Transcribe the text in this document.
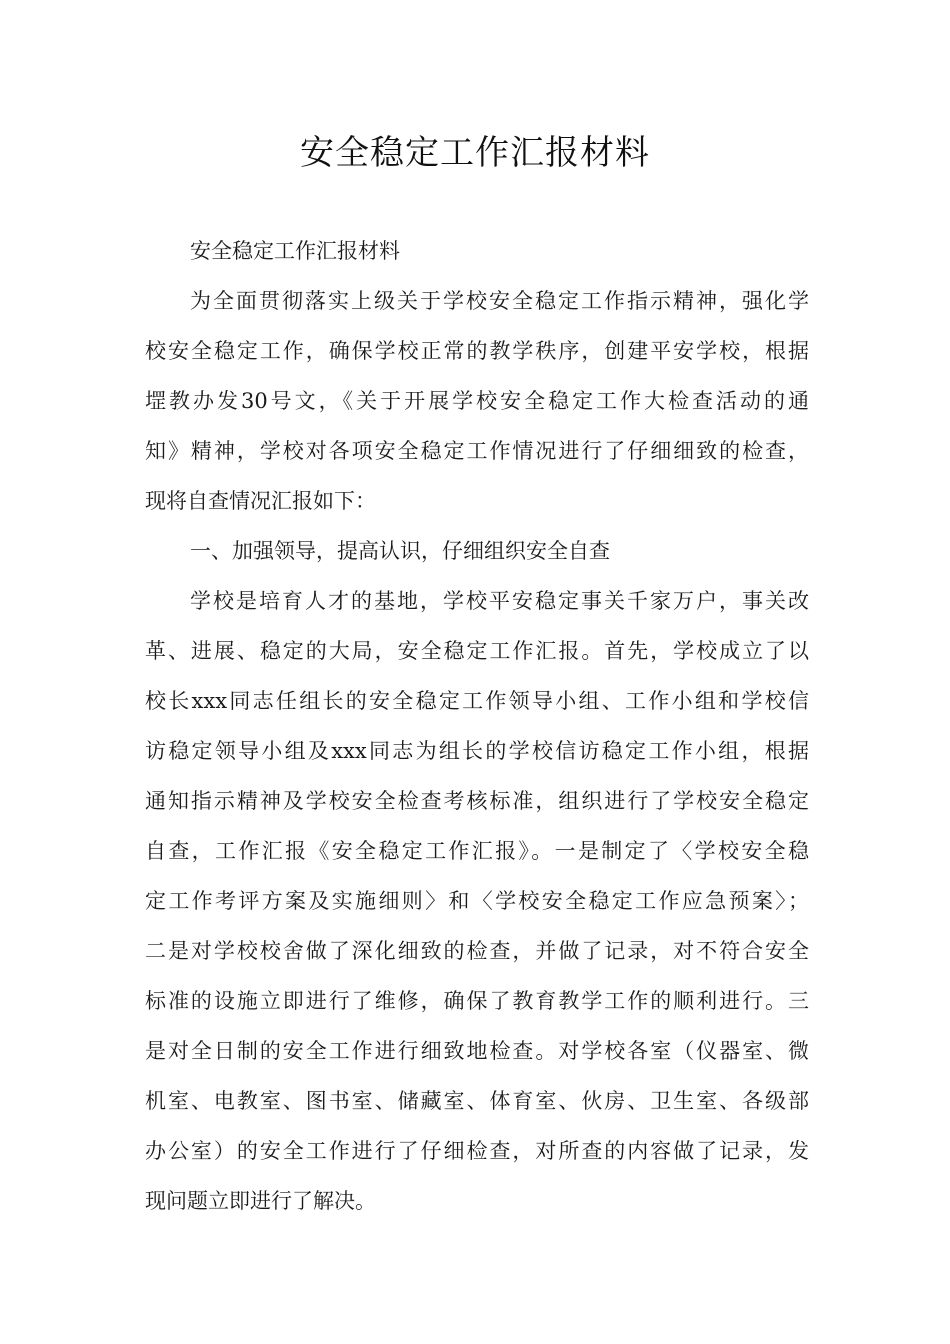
安全稳定工作汇报材料
安全稳定工作汇报材料
为全面贯彻落实上级关于学校安全稳定工作指示精神，强化学
校安全稳定工作，确保学校正常的教学秩序，创建平安学校，根据
堽教办发30号文，《关于开展学校安全稳定工作大检查活动的通
知》精神，学校对各项安全稳定工作情况进行了仔细细致的检查，
现将自查情况汇报如下：
一、加强领导，提高认识，仔细组织安全自查
学校是培育人才的基地，学校平安稳定事关千家万户，事关改
革、进展、稳定的大局，安全稳定工作汇报。首先，学校成立了以
校长xxx同志任组长的安全稳定工作领导小组、工作小组和学校信
访稳定领导小组及xxx同志为组长的学校信访稳定工作小组，根据
通知指示精神及学校安全检查考核标准，组织进行了学校安全稳定
自查，工作汇报《安全稳定工作汇报》。一是制定了〈学校安全稳
定工作考评方案及实施细则〉和〈学校安全稳定工作应急预案〉；
二是对学校校舍做了深化细致的检查，并做了记录，对不符合安全
标准的设施立即进行了维修，确保了教育教学工作的顺利进行。三
是对全日制的安全工作进行细致地检查。对学校各室（仪器室、微
机室、电教室、图书室、储藏室、体育室、伙房、卫生室、各级部
办公室）的安全工作进行了仔细检查，对所查的内容做了记录，发
现问题立即进行了解决。
